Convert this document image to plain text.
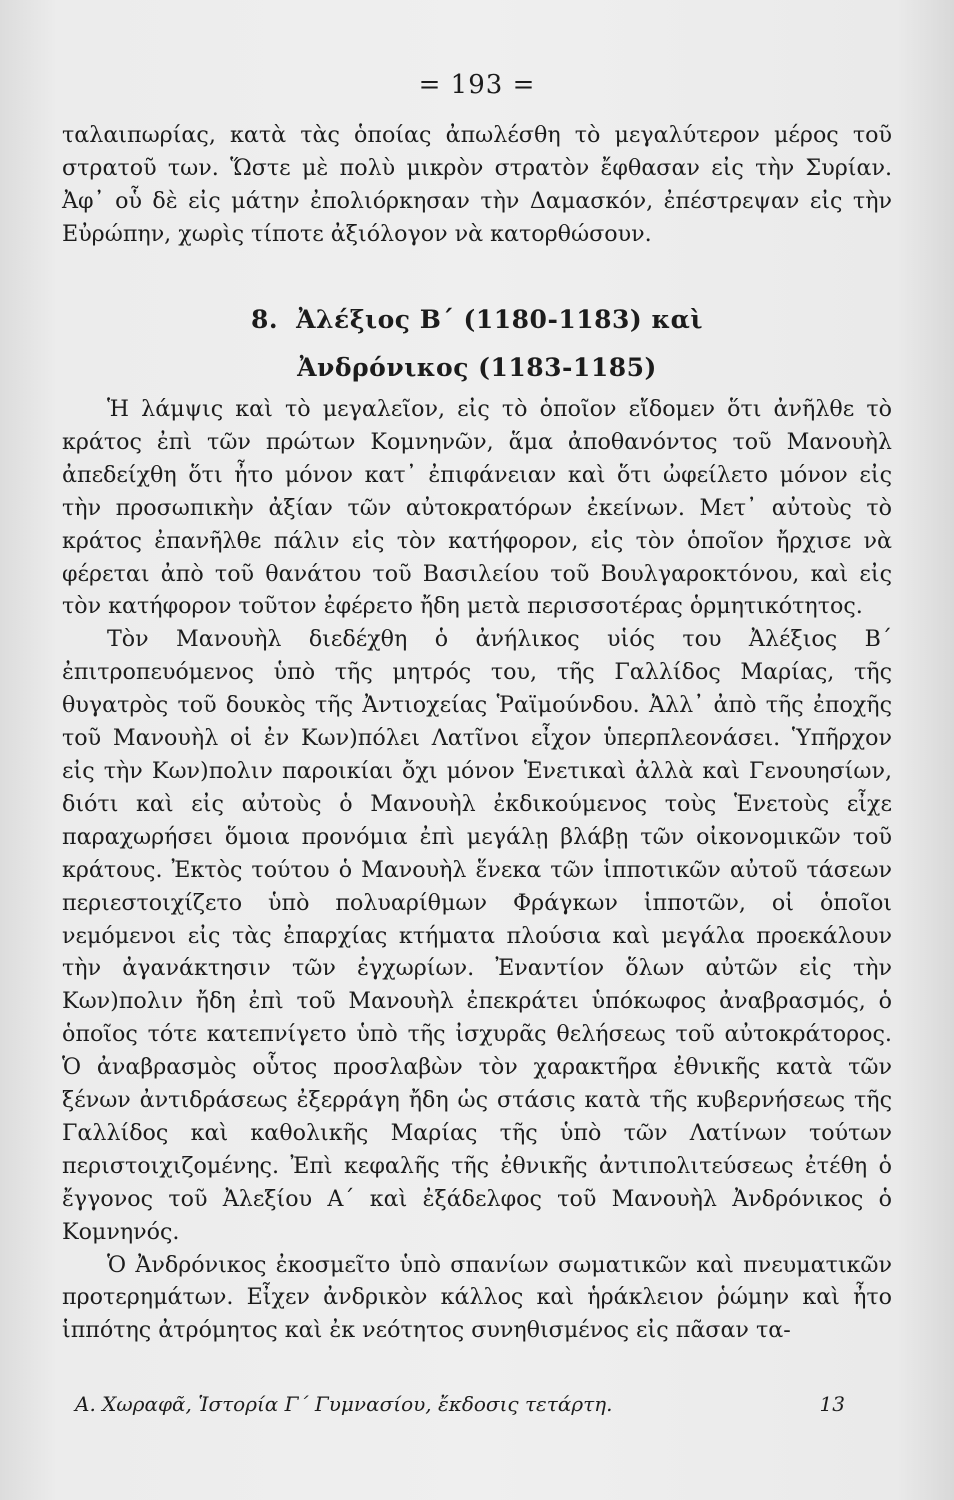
= 193 =

ταλαιπωρίας, κατὰ τὰς ὁποίας ἀπωλέσθη τὸ μεγαλύτερον μέρος τοῦ στρατοῦ των. Ὥστε μὲ πολὺ μικρὸν στρατὸν ἔφθασαν εἰς τὴν Συρίαν. Ἀφ᾽ οὗ δὲ εἰς μάτην ἐπολιόρκησαν τὴν Δαμασκόν, ἐπέστρεψαν εἰς τὴν Εὐρώπην, χωρὶς τίποτε ἀξιόλογον νὰ κατορθώσουν.

8. Ἀλέξιος Β΄ (1180-1183) καὶ
Ἀνδρόνικος (1183-1185)

Ἡ λάμψις καὶ τὸ μεγαλεῖον, εἰς τὸ ὁποῖον εἴδομεν ὅτι ἀνῆλθε τὸ κράτος ἐπὶ τῶν πρώτων Κομνηνῶν, ἅμα ἀποθανόντος τοῦ Μανουὴλ ἀπεδείχθη ὅτι ἦτο μόνον κατ᾽ ἐπιφάνειαν καὶ ὅτι ὠφείλετο μόνον εἰς τὴν προσωπικὴν ἀξίαν τῶν αὐτοκρατόρων ἐκείνων. Μετ᾽ αὐτοὺς τὸ κράτος ἐπανῆλθε πάλιν εἰς τὸν κατήφορον, εἰς τὸν ὁποῖον ἤρχισε νὰ φέρεται ἀπὸ τοῦ θανάτου τοῦ Βασιλείου τοῦ Βουλγαροκτόνου, καὶ εἰς τὸν κατήφορον τοῦτον ἐφέρετο ἤδη μετὰ περισσοτέρας ὁρμητικότητος.

Τὸν Μανουὴλ διεδέχθη ὁ ἀνήλικος υἱός του Ἀλέξιος Β΄ ἐπιτροπευόμενος ὑπὸ τῆς μητρός του, τῆς Γαλλίδος Μαρίας, τῆς θυγατρὸς τοῦ δουκὸς τῆς Ἀντιοχείας Ῥαϊμούνδου. Ἀλλ᾽ ἀπὸ τῆς ἐποχῆς τοῦ Μανουὴλ οἱ ἐν Κων)πόλει Λατῖνοι εἶχον ὑπερπλεονάσει. Ὑπῆρχον εἰς τὴν Κων)πολιν παροικίαι ὄχι μόνον Ἑνετικαὶ ἀλλὰ καὶ Γενουησίων, διότι καὶ εἰς αὐτοὺς ὁ Μανουὴλ ἐκδικούμενος τοὺς Ἑνετοὺς εἶχε παραχωρήσει ὅμοια προνόμια ἐπὶ μεγάλῃ βλάβῃ τῶν οἰκονομικῶν τοῦ κράτους. Ἐκτὸς τούτου ὁ Μανουὴλ ἕνεκα τῶν ἱπποτικῶν αὐτοῦ τάσεων περιεστοιχίζετο ὑπὸ πολυαρίθμων Φράγκων ἱπποτῶν, οἱ ὁποῖοι νεμόμενοι εἰς τὰς ἐπαρχίας κτήματα πλούσια καὶ μεγάλα προεκάλουν τὴν ἀγανάκτησιν τῶν ἐγχωρίων. Ἐναντίον ὅλων αὐτῶν εἰς τὴν Κων)πολιν ἤδη ἐπὶ τοῦ Μανουὴλ ἐπεκράτει ὑπόκωφος ἀναβρασμός, ὁ ὁποῖος τότε κατεπνίγετο ὑπὸ τῆς ἰσχυρᾶς θελήσεως τοῦ αὐτοκράτορος. Ὁ ἀναβρασμὸς οὗτος προσλαβὼν τὸν χαρακτῆρα ἐθνικῆς κατὰ τῶν ξένων ἀντιδράσεως ἐξερράγη ἤδη ὡς στάσις κατὰ τῆς κυβερνήσεως τῆς Γαλλίδος καὶ καθολικῆς Μαρίας τῆς ὑπὸ τῶν Λατίνων τούτων περιστοιχιζομένης. Ἐπὶ κεφαλῆς τῆς ἐθνικῆς ἀντιπολιτεύσεως ἐτέθη ὁ ἔγγονος τοῦ Ἀλεξίου Α΄ καὶ ἐξάδελφος τοῦ Μανουὴλ Ἀνδρόνικος ὁ Κομνηνός.

Ὁ Ἀνδρόνικος ἐκοσμεῖτο ὑπὸ σπανίων σωματικῶν καὶ πνευματικῶν προτερημάτων. Εἶχεν ἀνδρικὸν κάλλος καὶ ἡράκλειον ῥώμην καὶ ἦτο ἱππότης ἀτρόμητος καὶ ἐκ νεότητος συνηθισμένος εἰς πᾶσαν τα-

Α. Χωραφᾶ, Ἱστορία Γ΄ Γυμνασίου, ἔκδοσις τετάρτη.	13
